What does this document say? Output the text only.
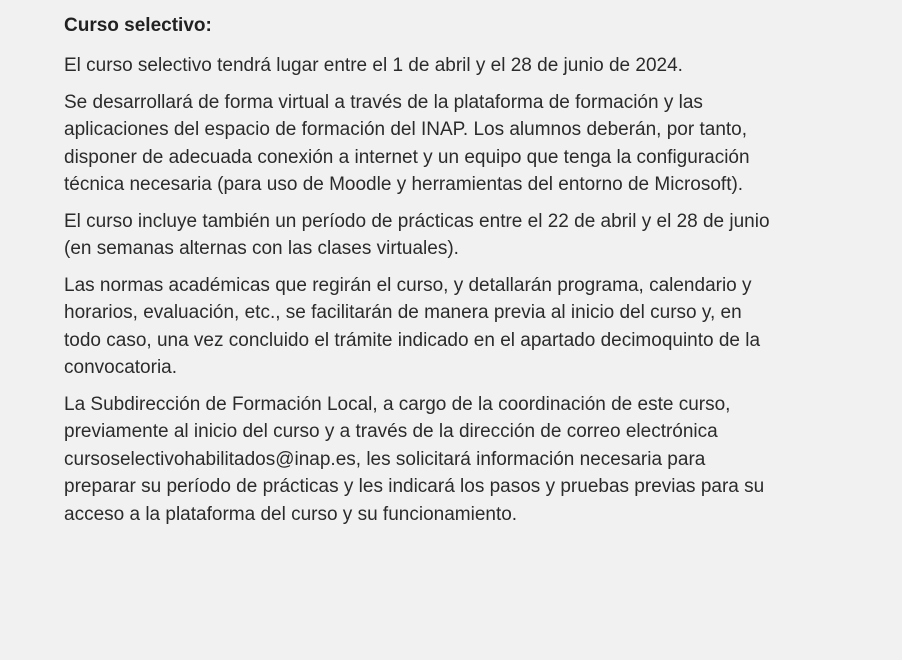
Curso selectivo:

El curso selectivo tendrá lugar entre el 1 de abril y el 28 de junio de 2024.

Se desarrollará de forma virtual a través de la plataforma de formación y las
aplicaciones del espacio de formación del INAP. Los alumnos deberán, por tanto,
disponer de adecuada conexión a internet y un equipo que tenga la configuración
técnica necesaria (para uso de Moodle y herramientas del entorno de Microsoft).

El curso incluye también un período de prácticas entre el 22 de abril y el 28 de junio
(en semanas alternas con las clases virtuales).

Las normas académicas que regirán el curso, y detallarán programa, calendario y
horarios, evaluación, etc., se facilitarán de manera previa al inicio del curso y, en
todo caso, una vez concluido el trámite indicado en el apartado decimoquinto de la
convocatoria.

La Subdirección de Formación Local, a cargo de la coordinación de este curso,
previamente al inicio del curso y a través de la dirección de correo electrónica
cursoselectivohabilitados@inap.es, les solicitará información necesaria para
preparar su período de prácticas y les indicará los pasos y pruebas previas para su
acceso a la plataforma del curso y su funcionamiento.
